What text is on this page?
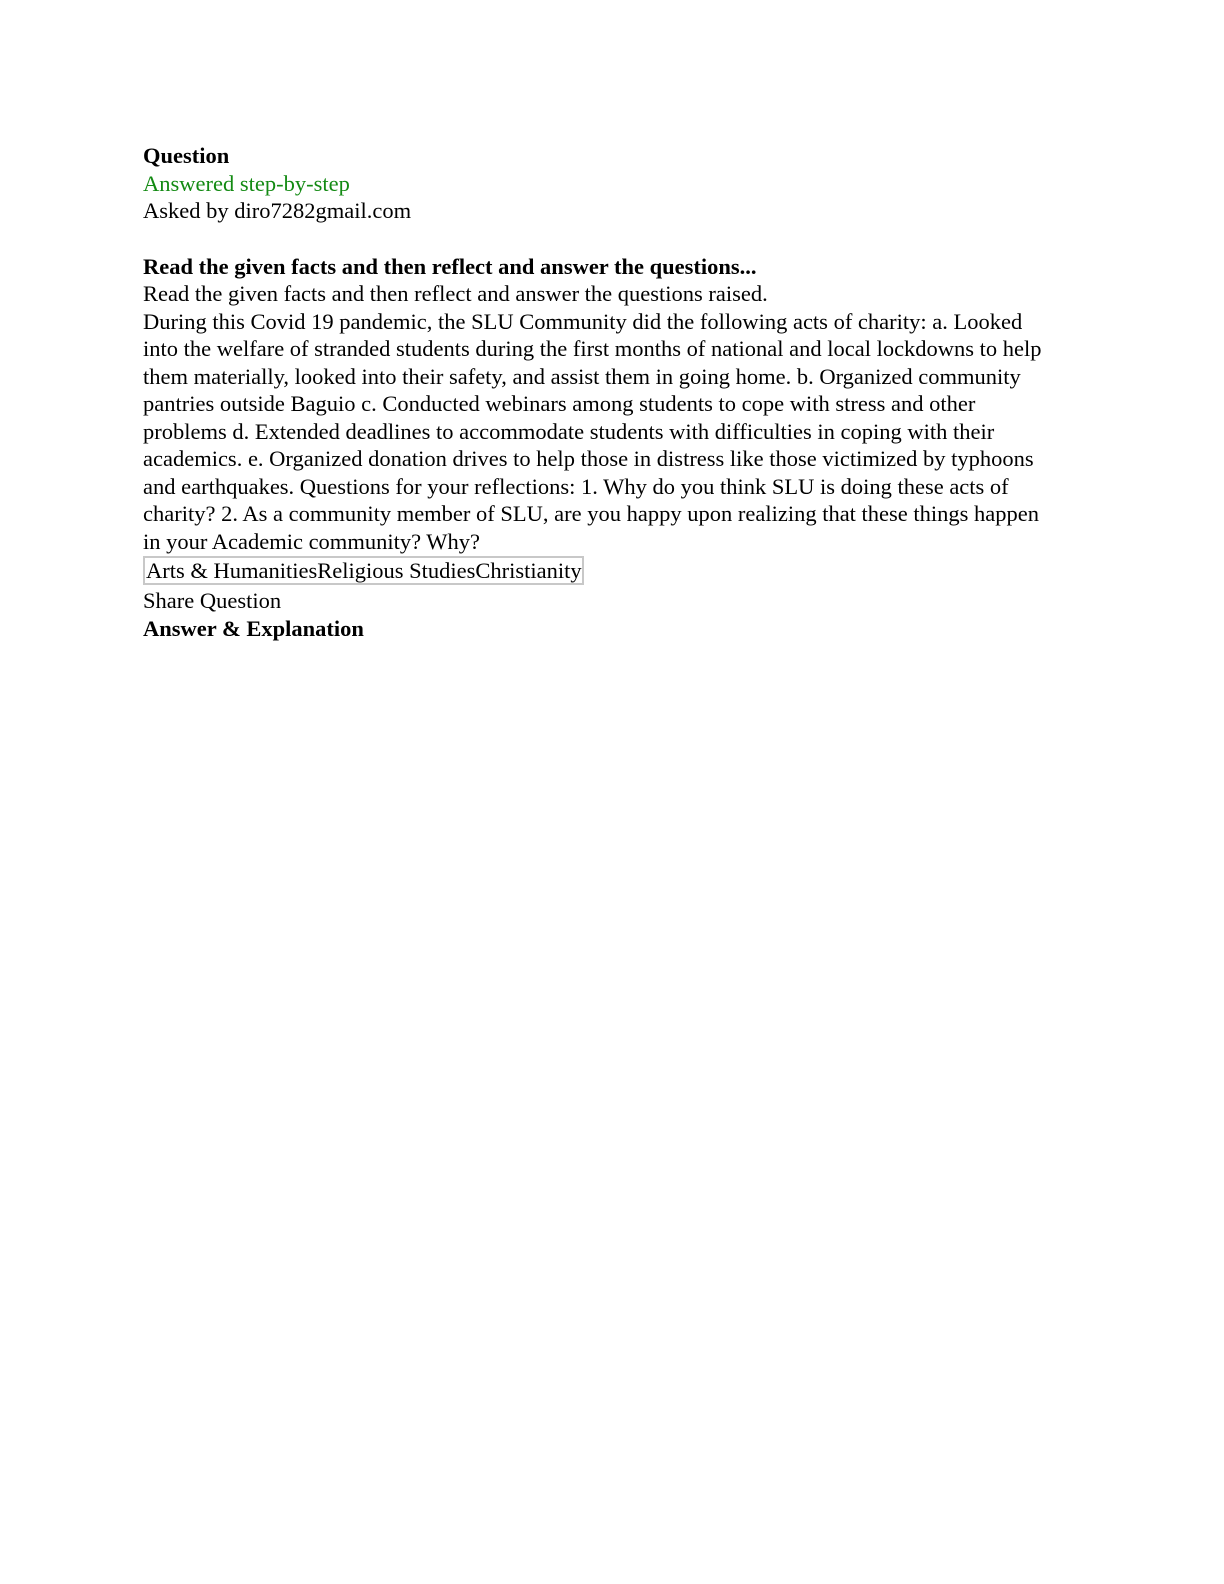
Question
Answered step-by-step
Asked by diro7282gmail.com
Read the given facts and then reflect and answer the questions...
Read the given facts and then reflect and answer the questions raised.
During this Covid 19 pandemic, the SLU Community did the following acts of charity: a. Looked into the welfare of stranded students during the first months of national and local lockdowns to help them materially, looked into their safety, and assist them in going home. b. Organized community pantries outside Baguio c. Conducted webinars among students to cope with stress and other problems d. Extended deadlines to accommodate students with difficulties in coping with their academics. e. Organized donation drives to help those in distress like those victimized by typhoons and earthquakes. Questions for your reflections: 1. Why do you think SLU is doing these acts of charity? 2. As a community member of SLU, are you happy upon realizing that these things happen in your Academic community? Why?
Arts & HumanitiesReligious StudiesChristianity
Share Question
Answer & Explanation
